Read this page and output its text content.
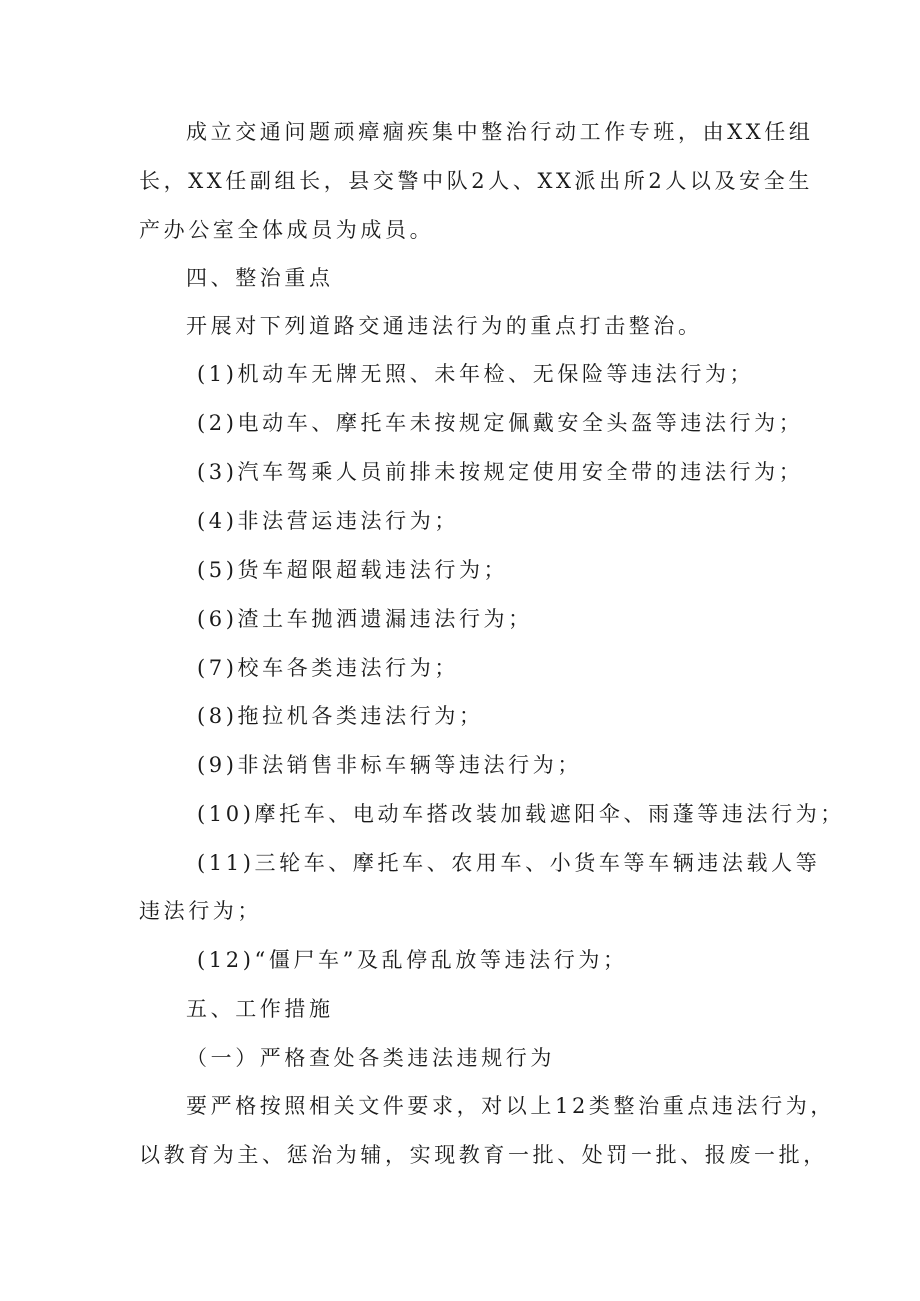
成立交通问题顽瘴痼疾集中整治行动工作专班，由XX任组
长，XX任副组长，县交警中队2人、XX派出所2人以及安全生
产办公室全体成员为成员。
四、整治重点
开展对下列道路交通违法行为的重点打击整治。
(1)机动车无牌无照、未年检、无保险等违法行为；
(2)电动车、摩托车未按规定佩戴安全头盔等违法行为；
(3)汽车驾乘人员前排未按规定使用安全带的违法行为；
(4)非法营运违法行为；
(5)货车超限超载违法行为；
(6)渣土车抛洒遗漏违法行为；
(7)校车各类违法行为；
(8)拖拉机各类违法行为；
(9)非法销售非标车辆等违法行为；
(10)摩托车、电动车搭改装加载遮阳伞、雨蓬等违法行为；
(11)三轮车、摩托车、农用车、小货车等车辆违法载人等
违法行为；
(12)“僵尸车”及乱停乱放等违法行为；
五、工作措施
（一）严格查处各类违法违规行为
要严格按照相关文件要求，对以上12类整治重点违法行为，
以教育为主、惩治为辅，实现教育一批、处罚一批、报废一批，
